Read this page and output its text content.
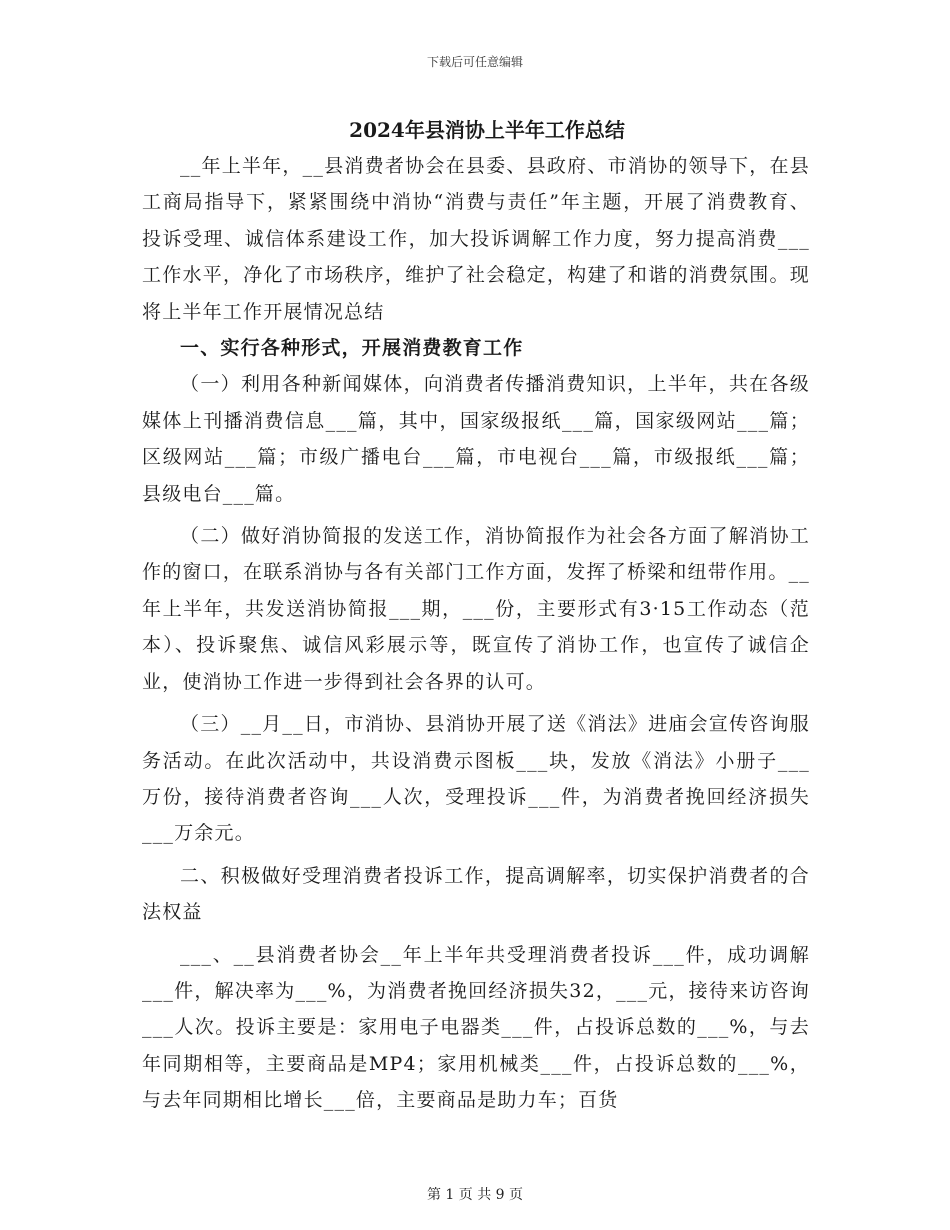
下载后可任意编辑
2024年县消协上半年工作总结

__年上半年，__县消费者协会在县委、县政府、市消协的领导下，在县工商局指导下，紧紧围绕中消协“消费与责任”年主题，开展了消费教育、投诉受理、诚信体系建设工作，加大投诉调解工作力度，努力提高消费___工作水平，净化了市场秩序，维护了社会稳定，构建了和谐的消费氛围。现将上半年工作开展情况总结

一、实行各种形式，开展消费教育工作

（一）利用各种新闻媒体，向消费者传播消费知识，上半年，共在各级媒体上刊播消费信息___篇，其中，国家级报纸___篇，国家级网站___篇；区级网站___篇；市级广播电台___篇，市电视台___篇，市级报纸___篇；县级电台___篇。

（二）做好消协简报的发送工作，消协简报作为社会各方面了解消协工作的窗口，在联系消协与各有关部门工作方面，发挥了桥梁和纽带作用。__年上半年，共发送消协简报___期，___份，主要形式有3·15工作动态（范本）、投诉聚焦、诚信风彩展示等，既宣传了消协工作，也宣传了诚信企业，使消协工作进一步得到社会各界的认可。

（三）__月__日，市消协、县消协开展了送《消法》进庙会宣传咨询服务活动。在此次活动中，共设消费示图板___块，发放《消法》小册子___万份，接待消费者咨询___人次，受理投诉___件，为消费者挽回经济损失___万余元。

二、积极做好受理消费者投诉工作，提高调解率，切实保护消费者的合法权益

___、__县消费者协会__年上半年共受理消费者投诉___件，成功调解___件，解决率为___%，为消费者挽回经济损失32，___元，接待来访咨询___人次。投诉主要是：家用电子电器类___件，占投诉总数的___%，与去年同期相等，主要商品是MP4；家用机械类___件，占投诉总数的___%，与去年同期相比增长___倍，主要商品是助力车；百货

第 1 页 共 9 页
